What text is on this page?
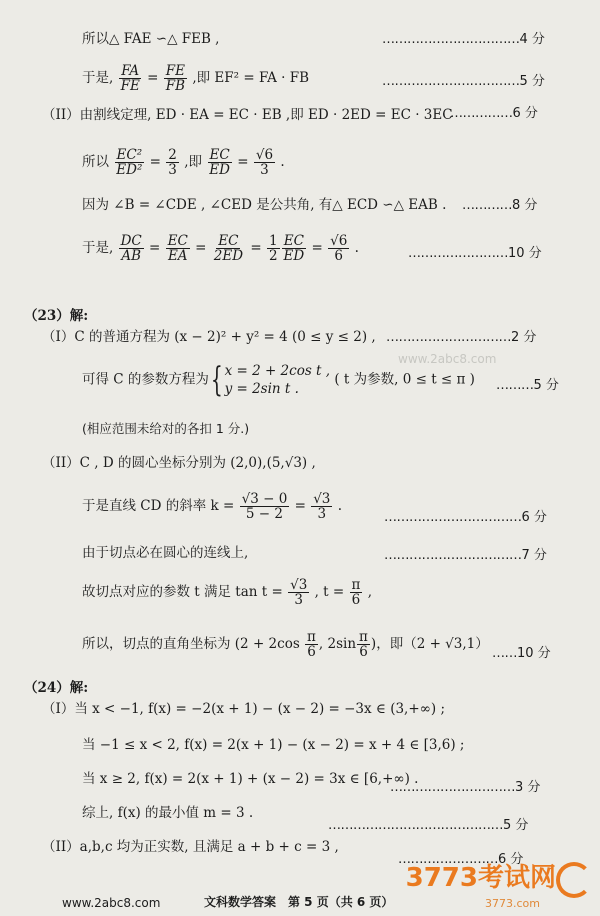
所以△ FAE ∽△ FEB ,	……………………………4 分
于是, $\frac{FA}{FE} = \frac{FE}{FB}$ ,即 EF² = FA · FB	……………………………5 分
（II）由割线定理, ED · EA = EC · EB ,即 ED · 2ED = EC · 3EC
……………6 分
所以 $\frac{\text{EC²}}{\text{ED²}} = \frac{2}{3}$ ,即 $\frac{EC}{ED} = \frac{√6}{3}$ .
因为 ∠B = ∠CDE , ∠CED 是公共角, 有△ ECD ∽△ EAB . …………8 分
于是, $\frac{DC}{AB} = \frac{EC}{EA} = \frac{EC}{2ED} = \frac{1}{2} \frac{EC}{ED} = \frac{√6}{6}$ .	……………………10 分
（23）解:
（I）C 的普通方程为 (x − 2)² + y² = 4 (0 ≤ y ≤ 2) , …………………………2 分
www.2abc8.com
可得 C 的参数方程为{ x = 2 + 2cos t ,
y = 2sin t .
( t 为参数, 0 ≤ t ≤ π ) ………5 分
(相应范围未给对的各扣 1 分.)
（II）C , D 的圆心坐标分别为 (2,0),(5,√3) ,
于是直线 CD 的斜率 $k = \frac{√3 - 0}{5 - 2} = \frac{√3}{3}$ .
……………………………6 分
由于切点必在圆心的连线上,	……………………………7 分
故切点对应的参数 t 满足 $\tan t = \frac{√3}{3}$ , $t = \frac{\pi}{6}$ ,
所以，切点的直角坐标为 ($2 + 2\cos \frac{\pi}{6}$ , $2\sin \frac{\pi}{6}$ )，即（2 + √3,1）
……10 分
（24）解:
（I）当 x < −1, f(x) = −2(x + 1) − (x − 2) = −3x ∈ (3,+∞) ;
当 −1 ≤ x < 2, f(x) = 2(x + 1) − (x − 2) = x + 4 ∈ [3,6) ;
当 x ≥ 2, f(x) = 2(x + 1) + (x − 2) = 3x ∈ [6,+∞) .
…………………………3 分
综上, f(x) 的最小值 m = 3 .
……………………………………5 分
（II）a,b,c 均为正实数, 且满足 a + b + c = 3 ,
……………………6 分
www.2abc8.com	文科数学答案　第 5 页（共 6 页）
3773考试网
3773.com
